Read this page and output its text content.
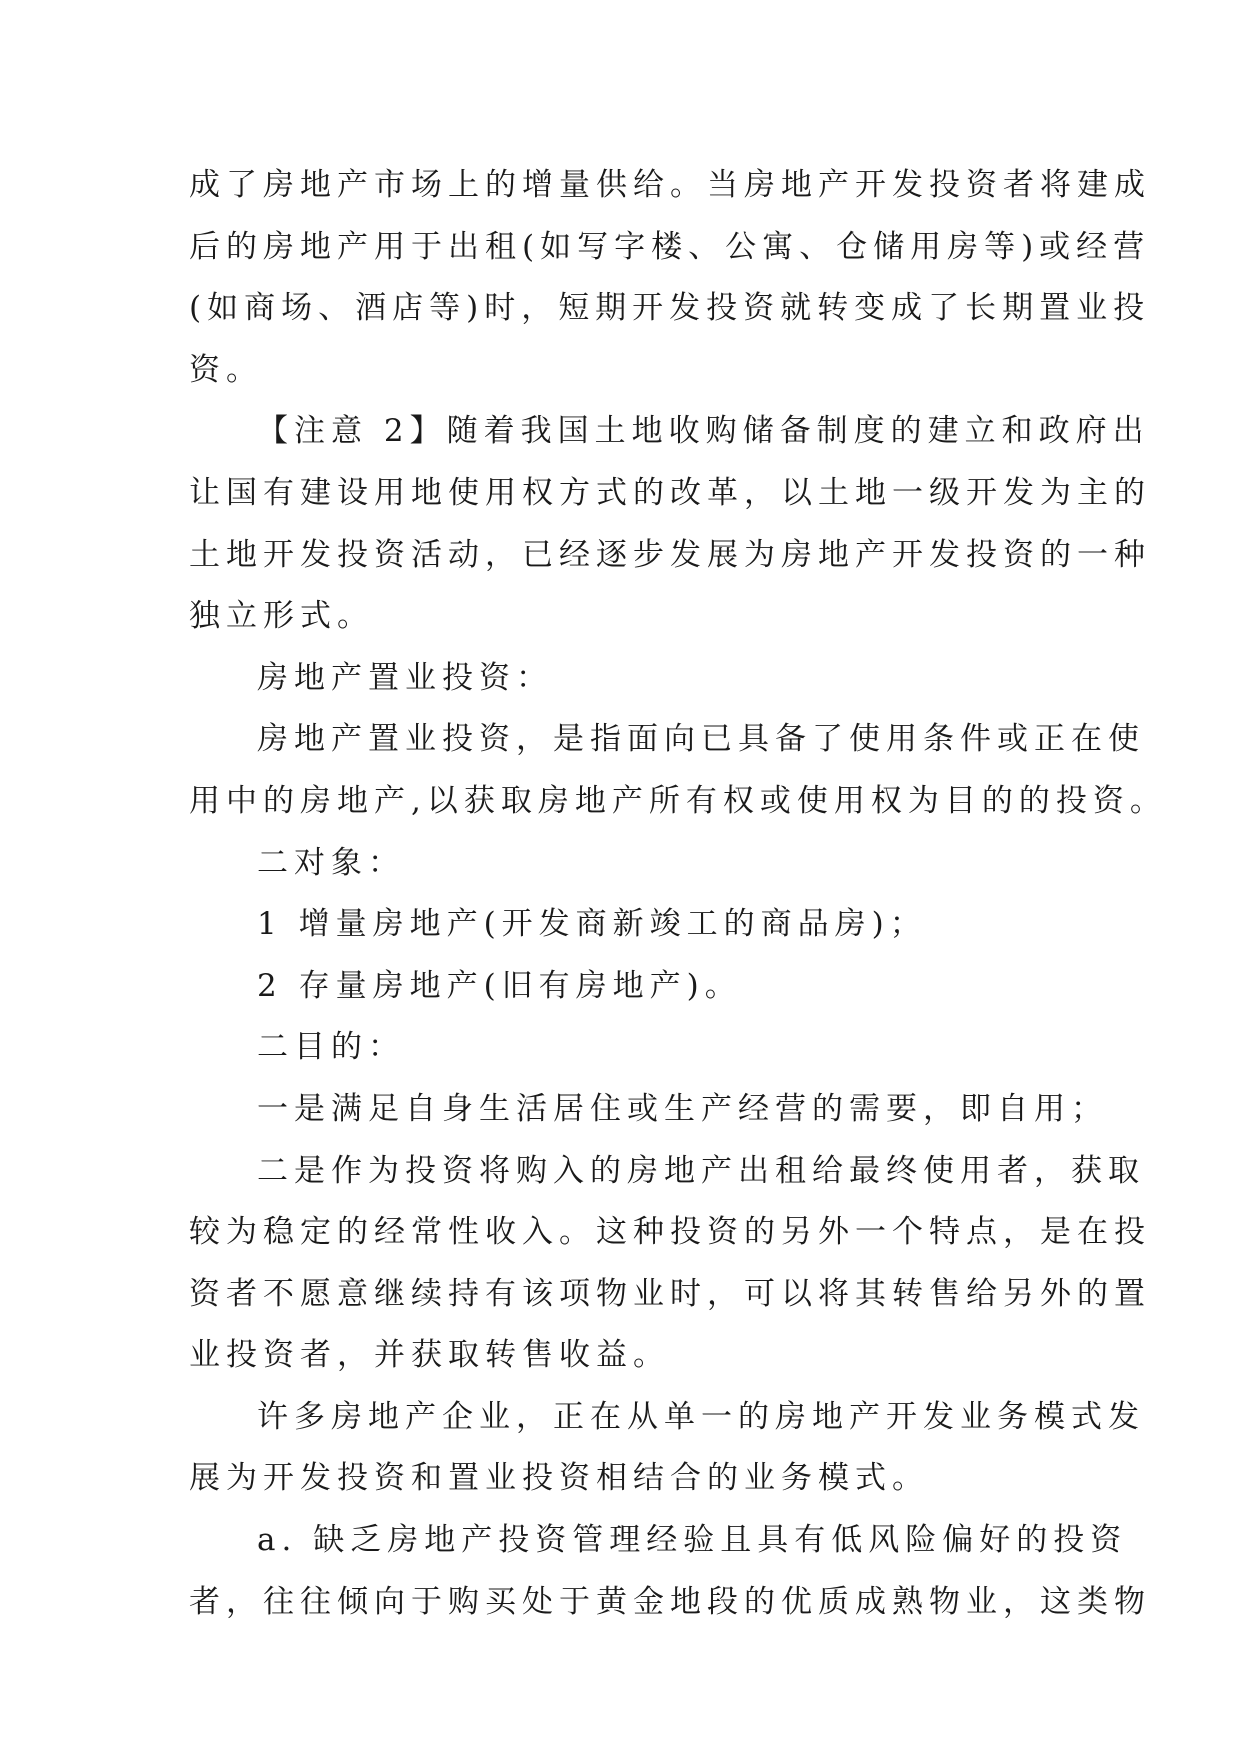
成了房地产市场上的增量供给。当房地产开发投资者将建成
后的房地产用于出租(如写字楼、公寓、仓储用房等)或经营
(如商场、酒店等)时，短期开发投资就转变成了长期置业投
资。

【注意 2】随着我国土地收购储备制度的建立和政府出
让国有建设用地使用权方式的改革，以土地一级开发为主的
土地开发投资活动，已经逐步发展为房地产开发投资的一种
独立形式。

房地产置业投资：

房地产置业投资，是指面向已具备了使用条件或正在使
用中的房地产,以获取房地产所有权或使用权为目的的投资。

二对象：

1 增量房地产(开发商新竣工的商品房)；

2 存量房地产(旧有房地产)。

二目的：

一是满足自身生活居住或生产经营的需要，即自用；

二是作为投资将购入的房地产出租给最终使用者，获取
较为稳定的经常性收入。这种投资的另外一个特点，是在投
资者不愿意继续持有该项物业时，可以将其转售给另外的置
业投资者，并获取转售收益。

许多房地产企业，正在从单一的房地产开发业务模式发
展为开发投资和置业投资相结合的业务模式。

a. 缺乏房地产投资管理经验且具有低风险偏好的投资
者，往往倾向于购买处于黄金地段的优质成熟物业，这类物
